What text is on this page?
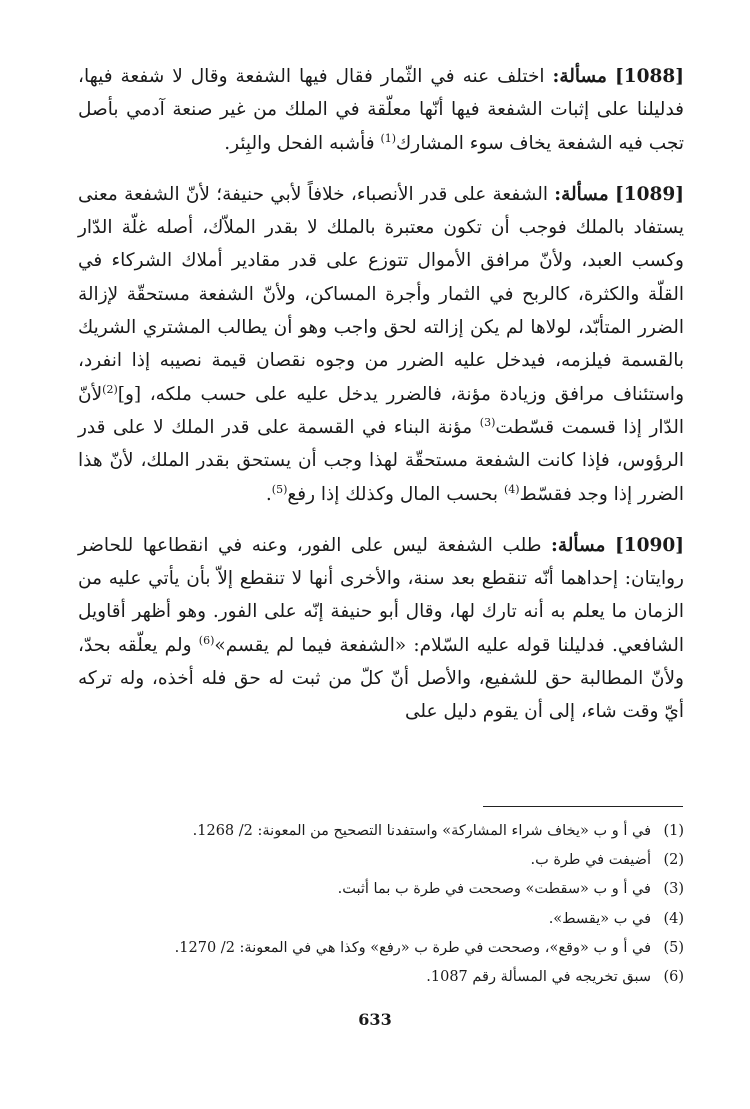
[1088] مسألة: اختلف عنه في الثّمار فقال فيها الشفعة وقال لا شفعة فيها، فدليلنا على إثبات الشفعة فيها أنّها معلّقة في الملك من غير صنعة آدمي بأصل تجب فيه الشفعة يخاف سوء المشارك$^{(1)}$ فأشبه الفحل والبِئر.

[1089] مسألة: الشفعة على قدر الأنصباء، خلافاً لأبي حنيفة؛ لأنّ الشفعة معنى يستفاد بالملك فوجب أن تكون معتبرة بالملك لا بقدر الملاّك، أصله غلّة الدّار وكسب العبد، ولأنّ مرافق الأموال تتوزع على قدر مقادير أملاك الشركاء في القلّة والكثرة، كالربح في الثمار وأجرة المساكن، ولأنّ الشفعة مستحقّة لإزالة الضرر المتأبّد، لولاها لم يكن إزالته لحق واجب وهو أن يطالب المشتري الشريك بالقسمة فيلزمه، فيدخل عليه الضرر من وجوه نقصان قيمة نصيبه إذا انفرد، واستئناف مرافق وزيادة مؤنة، فالضرر يدخل عليه على حسب ملكه، [و]$^{(2)}$لأنّ الدّار إذا قسمت قسّطت$^{(3)}$ مؤنة البناء في القسمة على قدر الملك لا على قدر الرؤوس، فإذا كانت الشفعة مستحقّة لهذا وجب أن يستحق بقدر الملك، لأنّ هذا الضرر إذا وجد فقسّط$^{(4)}$ بحسب المال وكذلك إذا رفع$^{(5)}$.

[1090] مسألة: طلب الشفعة ليس على الفور، وعنه في انقطاعها للحاضر روايتان: إحداهما أنّه تنقطع بعد سنة، والأخرى أنها لا تنقطع إلاّ بأن يأتي عليه من الزمان ما يعلم به أنه تارك لها، وقال أبو حنيفة إنّه على الفور. وهو أظهر أقاويل الشافعي. فدليلنا قوله عليه السّلام: «الشفعة فيما لم يقسم»$^{(6)}$ ولم يعلّقه بحدّ، ولأنّ المطالبة حق للشفيع، والأصل أنّ كلّ من ثبت له حق فله أخذه، وله تركه أيّ وقت شاء، إلى أن يقوم دليل على

(1)
في أ و ب «يخاف شراء المشاركة» واستفدنا التصحيح من المعونة: 2/ 1268.
(2)
أضيفت في طرة ب.
(3)
في أ و ب «سقطت» وصححت في طرة ب بما أثبت.
(4)
في ب «يقسط».
(5)
في أ و ب «وقع»، وصححت في طرة ب «رفع» وكذا هي في المعونة: 2/ 1270.
(6)
سبق تخريجه في المسألة رقم 1087.
633
